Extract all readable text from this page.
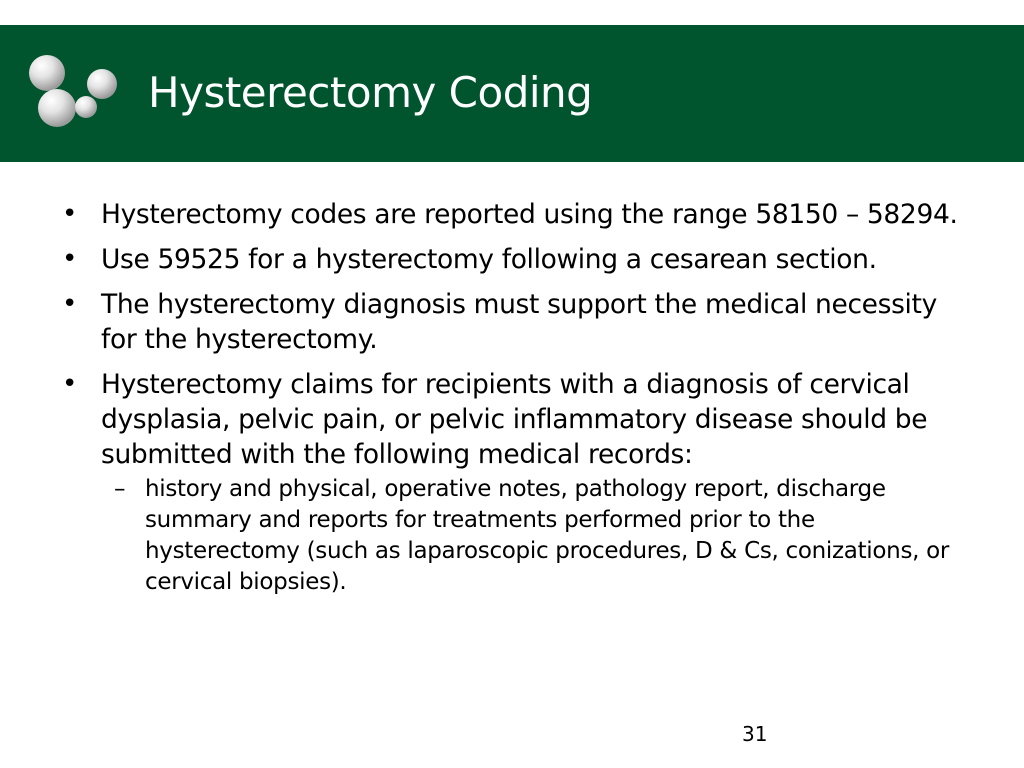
Hysterectomy Coding
• Hysterectomy codes are reported using the range 58150 – 58294.
• Use 59525 for a hysterectomy following a cesarean section.
• The hysterectomy diagnosis must support the medical necessity for the hysterectomy.
• Hysterectomy claims for recipients with a diagnosis of cervical dysplasia, pelvic pain, or pelvic inflammatory disease should be submitted with the following medical records:
– history and physical, operative notes, pathology report, discharge summary and reports for treatments performed prior to the hysterectomy (such as laparoscopic procedures, D & Cs, conizations, or cervical biopsies).
31
